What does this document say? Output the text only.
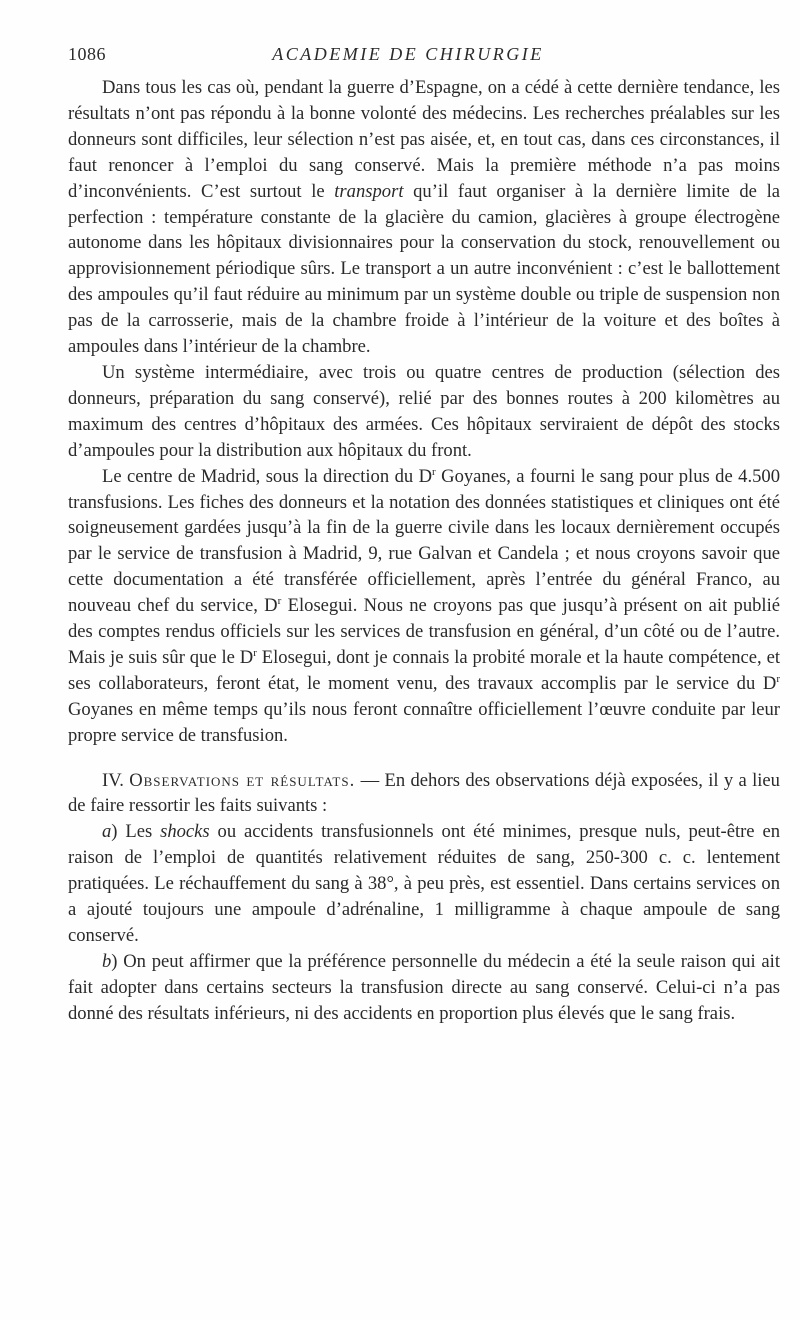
1086	ACADEMIE DE CHIRURGIE

Dans tous les cas où, pendant la guerre d’Espagne, on a cédé à cette dernière tendance, les résultats n’ont pas répondu à la bonne volonté des médecins. Les recherches préalables sur les donneurs sont difficiles, leur sélection n’est pas aisée, et, en tout cas, dans ces circonstances, il faut renoncer à l’emploi du sang conservé. Mais la première méthode n’a pas moins d’inconvénients. C’est surtout le transport qu’il faut organiser à la dernière limite de la perfection : température constante de la glacière du camion, glacières à groupe électrogène autonome dans les hôpitaux divisionnaires pour la conservation du stock, renouvellement ou approvisionnement périodique sûrs. Le transport a un autre inconvénient : c’est le ballottement des ampoules qu’il faut réduire au minimum par un système double ou triple de suspension non pas de la carrosserie, mais de la chambre froide à l’intérieur de la voiture et des boîtes à ampoules dans l’intérieur de la chambre.

Un système intermédiaire, avec trois ou quatre centres de production (sélection des donneurs, préparation du sang conservé), relié par des bonnes routes à 200 kilomètres au maximum des centres d’hôpitaux des armées. Ces hôpitaux serviraient de dépôt des stocks d’ampoules pour la distribution aux hôpitaux du front.

Le centre de Madrid, sous la direction du $D^r$ Goyanes, a fourni le sang pour plus de 4.500 transfusions. Les fiches des donneurs et la notation des données statistiques et cliniques ont été soigneusement gardées jusqu’à la fin de la guerre civile dans les locaux dernièrement occupés par le service de transfusion à Madrid, 9, rue Galvan et Candela ; et nous croyons savoir que cette documentation a été transférée officiellement, après l’entrée du général Franco, au nouveau chef du service, $D^r$ Elosegui. Nous ne croyons pas que jusqu’à présent on ait publié des comptes rendus officiels sur les services de transfusion en général, d’un côté ou de l’autre. Mais je suis sûr que le $D^r$ Elosegui, dont je connais la probité morale et la haute compétence, et ses collaborateurs, feront état, le moment venu, des travaux accomplis par le service du $D^r$ Goyanes en même temps qu’ils nous feront connaître officiellement l’œuvre conduite par leur propre service de transfusion.

IV. Observations et résultats. — En dehors des observations déjà exposées, il y a lieu de faire ressortir les faits suivants :

a) Les shocks ou accidents transfusionnels ont été minimes, presque nuls, peut-être en raison de l’emploi de quantités relativement réduites de sang, 250-300 c. c. lentement pratiquées. Le réchauffement du sang à 38°, à peu près, est essentiel. Dans certains services on a ajouté toujours une ampoule d’adrénaline, 1 milligramme à chaque ampoule de sang conservé.

b) On peut affirmer que la préférence personnelle du médecin a été la seule raison qui ait fait adopter dans certains secteurs la transfusion directe au sang conservé. Celui-ci n’a pas donné des résultats inférieurs, ni des accidents en proportion plus élevés que le sang frais.
